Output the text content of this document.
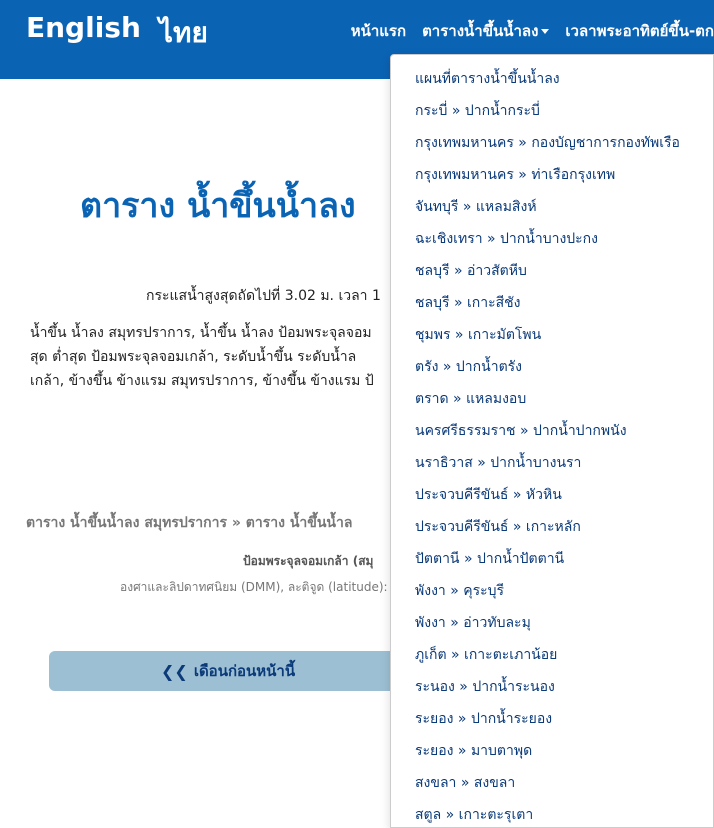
English ไทย	หน้าแรก ตารางน้ำขึ้นน้ำลง	เวลาพระอาทิตย์ขึ้น-ตก
ตาราง น้ำขึ้นน้ำลง
กระแสน้ำสูงสุดถัดไปที่ 3.02 ม. เวลา 1
น้ำขึ้น น้ำลง สมุทรปราการ, น้ำขึ้น น้ำลง ป้อมพระจุลจอม
สุด ต่ำสุด ป้อมพระจุลจอมเกล้า, ระดับน้ำขึ้น ระดับน้ำล
เกล้า, ข้างขึ้น ข้างแรม สมุทรปราการ, ข้างขึ้น ข้างแรม ป้
ตาราง น้ำขึ้นน้ำลง สมุทรปราการ » ตาราง น้ำขึ้นน้ำล
ป้อมพระจุลจอมเกล้า (สมุ
องศาและลิปดาทศนิยม (DMM), ละติจูด (latitude):
❮❮ เดือนก่อนหน้านี้
แผนที่ตารางน้ำขึ้นน้ำลง
กระบี่ » ปากน้ำกระบี่
กรุงเทพมหานคร » กองบัญชาการกองทัพเรือ
กรุงเทพมหานคร » ท่าเรือกรุงเทพ
จันทบุรี » แหลมสิงห์
ฉะเชิงเทรา » ปากน้ำบางปะกง
ชลบุรี » อ่าวสัตหีบ
ชลบุรี » เกาะสีชัง
ชุมพร » เกาะมัตโพน
ตรัง » ปากน้ำตรัง
ตราด » แหลมงอบ
นครศรีธรรมราช » ปากน้ำปากพนัง
นราธิวาส » ปากน้ำบางนรา
ประจวบคีรีขันธ์ » หัวหิน
ประจวบคีรีขันธ์ » เกาะหลัก
ปัตตานี » ปากน้ำปัตตานี
พังงา » คุระบุรี
พังงา » อ่าวทับละมุ
ภูเก็ต » เกาะตะเภาน้อย
ระนอง » ปากน้ำระนอง
ระยอง » ปากน้ำระยอง
ระยอง » มาบตาพุด
สงขลา » สงขลา
สตูล » เกาะตะรุเตา
